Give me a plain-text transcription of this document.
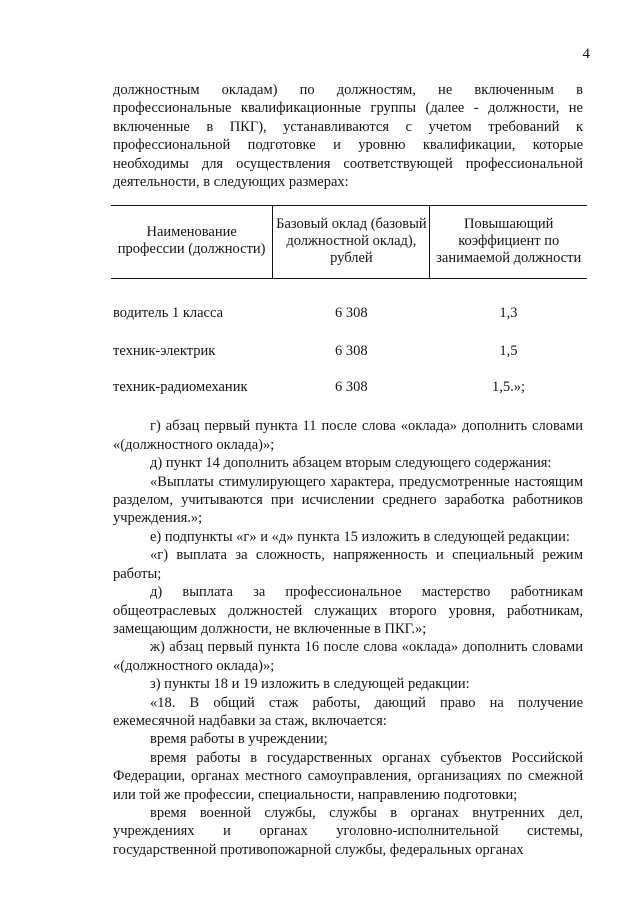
4

должностным окладам) по должностям, не включенным в профессиональные квалификационные группы (далее - должности, не включенные в ПКГ), устанавливаются с учетом требований к профессиональной подготовке и уровню квалификации, которые необходимы для осуществления соответствующей профессиональной деятельности, в следующих размерах:

Наименование профессии (должности)	Базовый оклад (базовый должностной оклад), рублей	Повышающий коэффициент по занимаемой должности
водитель 1 класса	6 308	1,3
техник-электрик	6 308	1,5
техник-радиомеханик	6 308	1,5.»;

г) абзац первый пункта 11 после слова «оклада» дополнить словами «(должностного оклада)»;

д) пункт 14 дополнить абзацем вторым следующего содержания:

«Выплаты стимулирующего характера, предусмотренные настоящим разделом, учитываются при исчислении среднего заработка работников учреждения.»;

е) подпункты «г» и «д» пункта 15 изложить в следующей редакции:

«г) выплата за сложность, напряженность и специальный режим работы;

д) выплата за профессиональное мастерство работникам общеотраслевых должностей служащих второго уровня, работникам, замещающим должности, не включенные в ПКГ.»;

ж) абзац первый пункта 16 после слова «оклада» дополнить словами «(должностного оклада)»;

з) пункты 18 и 19 изложить в следующей редакции:

«18. В общий стаж работы, дающий право на получение ежемесячной надбавки за стаж, включается:

время работы в учреждении;

время работы в государственных органах субъектов Российской Федерации, органах местного самоуправления, организациях по смежной или той же профессии, специальности, направлению подготовки;

время военной службы, службы в органах внутренних дел, учреждениях и органах уголовно-исполнительной системы, государственной противопожарной службы, федеральных органах
